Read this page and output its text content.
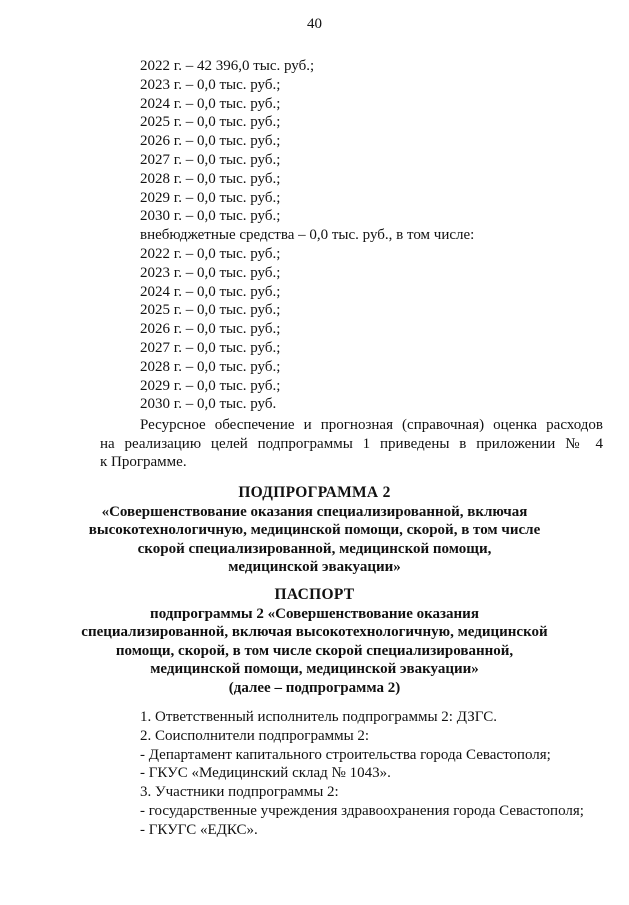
40
2022 г. – 42 396,0 тыс. руб.;
2023 г. – 0,0 тыс. руб.;
2024 г. – 0,0 тыс. руб.;
2025 г. – 0,0 тыс. руб.;
2026 г. – 0,0 тыс. руб.;
2027 г. – 0,0 тыс. руб.;
2028 г. – 0,0 тыс. руб.;
2029 г. – 0,0 тыс. руб.;
2030 г. – 0,0 тыс. руб.;
внебюджетные средства – 0,0 тыс. руб., в том числе:
2022 г. – 0,0 тыс. руб.;
2023 г. – 0,0 тыс. руб.;
2024 г. – 0,0 тыс. руб.;
2025 г. – 0,0 тыс. руб.;
2026 г. – 0,0 тыс. руб.;
2027 г. – 0,0 тыс. руб.;
2028 г. – 0,0 тыс. руб.;
2029 г. – 0,0 тыс. руб.;
2030 г. – 0,0 тыс. руб.
Ресурсное обеспечение и прогнозная (справочная) оценка расходов
на реализацию целей подпрограммы 1 приведены в приложении № 4
к Программе.
ПОДПРОГРАММА 2
«Совершенствование оказания специализированной, включая
высокотехнологичную, медицинской помощи, скорой, в том числе
скорой специализированной, медицинской помощи,
медицинской эвакуации»
ПАСПОРТ
подпрограммы 2 «Совершенствование оказания
специализированной, включая высокотехнологичную, медицинской
помощи, скорой, в том числе скорой специализированной,
медицинской помощи, медицинской эвакуации»
(далее – подпрограмма 2)
1. Ответственный исполнитель подпрограммы 2: ДЗГС.
2. Соисполнители подпрограммы 2:
- Департамент капитального строительства города Севастополя;
- ГКУС «Медицинский склад № 1043».
3. Участники подпрограммы 2:
- государственные учреждения здравоохранения города Севастополя;
- ГКУГС «ЕДКС».
